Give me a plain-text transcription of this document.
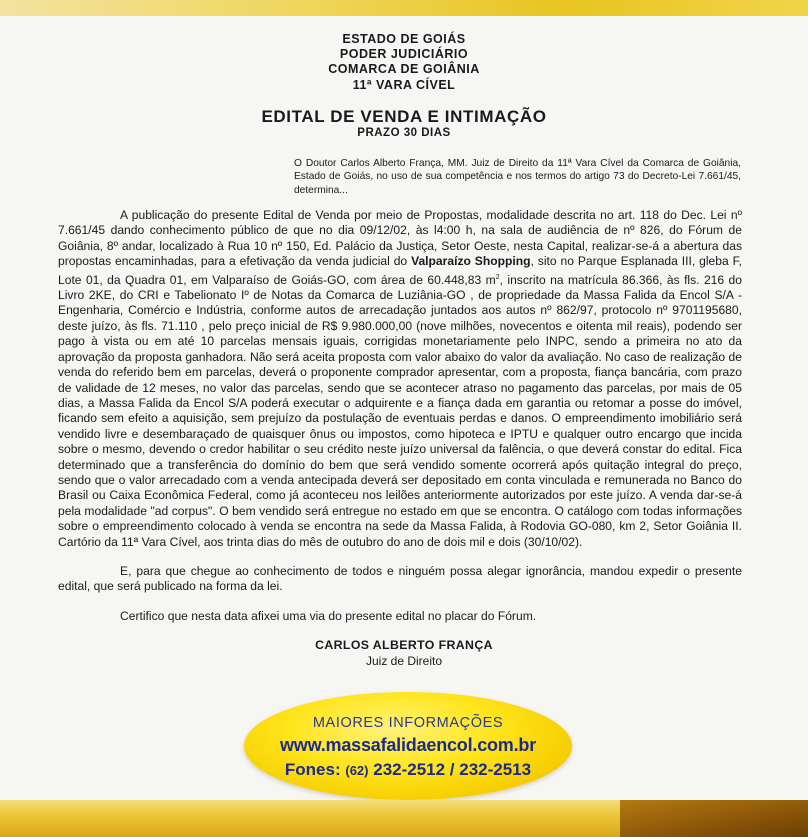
ESTADO DE GOIÁS
PODER JUDICIÁRIO
COMARCA DE GOIÂNIA
11ª VARA CÍVEL
EDITAL DE VENDA E INTIMAÇÃO
PRAZO 30 DIAS
O Doutor Carlos Alberto França, MM. Juiz de Direito da 11ª Vara Cível da Comarca de Goiânia, Estado de Goiás, no uso de sua competência e nos termos do artigo 73 do Decreto-Lei 7.661/45, determina...

A publicação do presente Edital de Venda por meio de Propostas, modalidade descrita no art. 118 do Dec. Lei nº 7.661/45 dando conhecimento público de que no dia 09/12/02, às l4:00 h, na sala de audiência de nº 826, do Fórum de Goiânia, 8º andar, localizado à Rua 10 nº 150, Ed. Palácio da Justiça, Setor Oeste, nesta Capital, realizar-se-á a abertura das propostas encaminhadas, para a efetivação da venda judicial do Valparaízo Shopping, sito no Parque Esplanada III, gleba F, Lote 01, da Quadra 01, em Valparaíso de Goiás-GO, com área de 60.448,83 $m^2$, inscrito na matrícula 86.366, às fls. 216 do Livro 2KE, do CRI e Tabelionato Iº de Notas da Comarca de Luziânia-GO , de propriedade da Massa Falida da Encol S/A - Engenharia, Comércio e Indústria, conforme autos de arrecadação juntados aos autos nº 862/97, protocolo nº 9701195680, deste juízo, às fls. 71.110 , pelo preço inicial de R$ 9.980.000,00 (nove milhões, novecentos e oitenta mil reais), podendo ser pago à vista ou em até 10 parcelas mensais iguais, corrigidas monetariamente pelo INPC, sendo a primeira no ato da aprovação da proposta ganhadora. Não será aceita proposta com valor abaixo do valor da avaliação. No caso de realização de venda do referido bem em parcelas, deverá o proponente comprador apresentar, com a proposta, fiança bancária, com prazo de validade de 12 meses, no valor das parcelas, sendo que se acontecer atraso no pagamento das parcelas, por mais de 05 dias, a Massa Falida da Encol S/A poderá executar o adquirente e a fiança dada em garantia ou retomar a posse do imóvel, ficando sem efeito a aquisição, sem prejuízo da postulação de eventuais perdas e danos. O empreendimento imobiliário será vendido livre e desembaraçado de quaisquer ônus ou impostos, como hipoteca e IPTU e qualquer outro encargo que incida sobre o mesmo, devendo o credor habilitar o seu crédito neste juízo universal da falência, o que deverá constar do edital. Fica determinado que a transferência do domínio do bem que será vendido somente ocorrerá após quitação integral do preço, sendo que o valor arrecadado com a venda antecipada deverá ser depositado em conta vinculada e remunerada no Banco do Brasil ou Caixa Econômica Federal, como já aconteceu nos leilões anteriormente autorizados por este juízo. A venda dar-se-á pela modalidade "ad corpus". O bem vendido será entregue no estado em que se encontra. O catálogo com todas informações sobre o empreendimento colocado à venda se encontra na sede da Massa Falida, à Rodovia GO-080, km 2, Setor Goiânia II. Cartório da 11ª Vara Cível, aos trinta dias do mês de outubro do ano de dois mil e dois (30/10/02).

E, para que chegue ao conhecimento de todos e ninguém possa alegar ignorância, mandou expedir o presente edital, que será publicado na forma da lei.

Certifico que nesta data afixei uma via do presente edital no placar do Fórum.
CARLOS ALBERTO FRANÇA
Juiz de Direito
MAIORES INFORMAÇÕES
www.massafalidaencol.com.br
Fones: (62) 232-2512 / 232-2513
